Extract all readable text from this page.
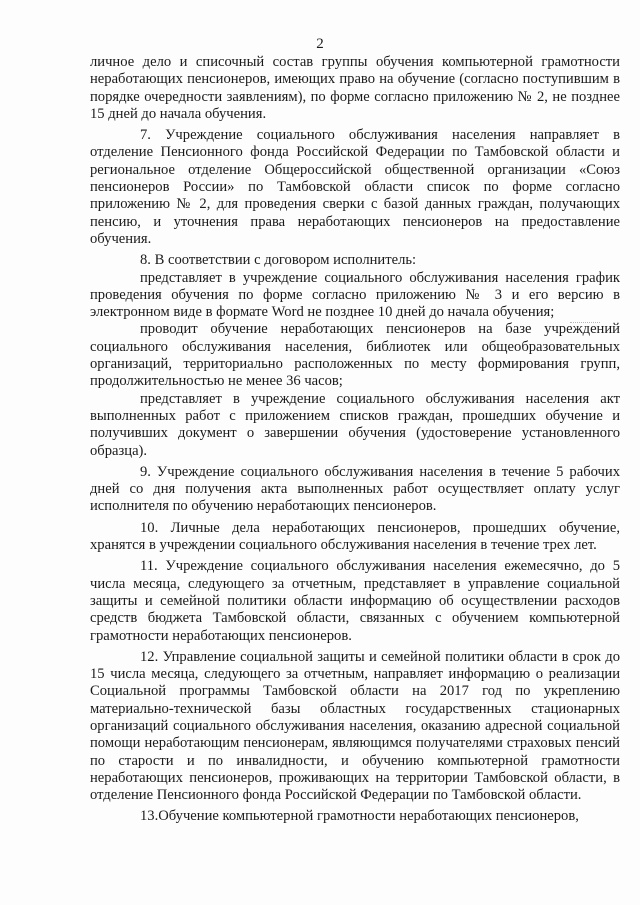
2

личное дело и списочный состав группы обучения компьютерной грамотности неработающих пенсионеров, имеющих право на обучение (согласно поступившим в порядке очередности заявлениям), по форме согласно приложению № 2, не позднее 15 дней до начала обучения.

7. Учреждение социального обслуживания населения направляет в отделение Пенсионного фонда Российской Федерации по Тамбовской области и региональное отделение Общероссийской общественной организации «Союз пенсионеров России» по Тамбовской области список по форме согласно приложению № 2, для проведения сверки с базой данных граждан, получающих пенсию, и уточнения права неработающих пенсионеров на предоставление обучения.

8. В соответствии с договором исполнитель:

представляет в учреждение социального обслуживания населения график проведения обучения по форме согласно приложению № 3 и его версию в электронном виде в формате Word не позднее 10 дней до начала обучения;

проводит обучение неработающих пенсионеров на базе учреждений социального обслуживания населения, библиотек или общеобразовательных организаций, территориально расположенных по месту формирования групп, продолжительностью не менее 36 часов;

представляет в учреждение социального обслуживания населения акт выполненных работ с приложением списков граждан, прошедших обучение и получивших документ о завершении обучения (удостоверение установленного образца).

9. Учреждение социального обслуживания населения в течение 5 рабочих дней со дня получения акта выполненных работ осуществляет оплату услуг исполнителя по обучению неработающих пенсионеров.

10. Личные дела неработающих пенсионеров, прошедших обучение, хранятся в учреждении социального обслуживания населения в течение трех лет.

11. Учреждение социального обслуживания населения ежемесячно, до 5 числа месяца, следующего за отчетным, представляет в управление социальной защиты и семейной политики области информацию об осуществлении расходов средств бюджета Тамбовской области, связанных с обучением компьютерной грамотности неработающих пенсионеров.

12. Управление социальной защиты и семейной политики области в срок до 15 числа месяца, следующего за отчетным, направляет информацию о реализации Социальной программы Тамбовской области на 2017 год по укреплению материально-технической базы областных государственных стационарных организаций социального обслуживания населения, оказанию адресной социальной помощи неработающим пенсионерам, являющимся получателями страховых пенсий по старости и по инвалидности, и обучению компьютерной грамотности неработающих пенсионеров, проживающих на территории Тамбовской области, в отделение Пенсионного фонда Российской Федерации по Тамбовской области.

13.Обучение компьютерной грамотности неработающих пенсионеров,
